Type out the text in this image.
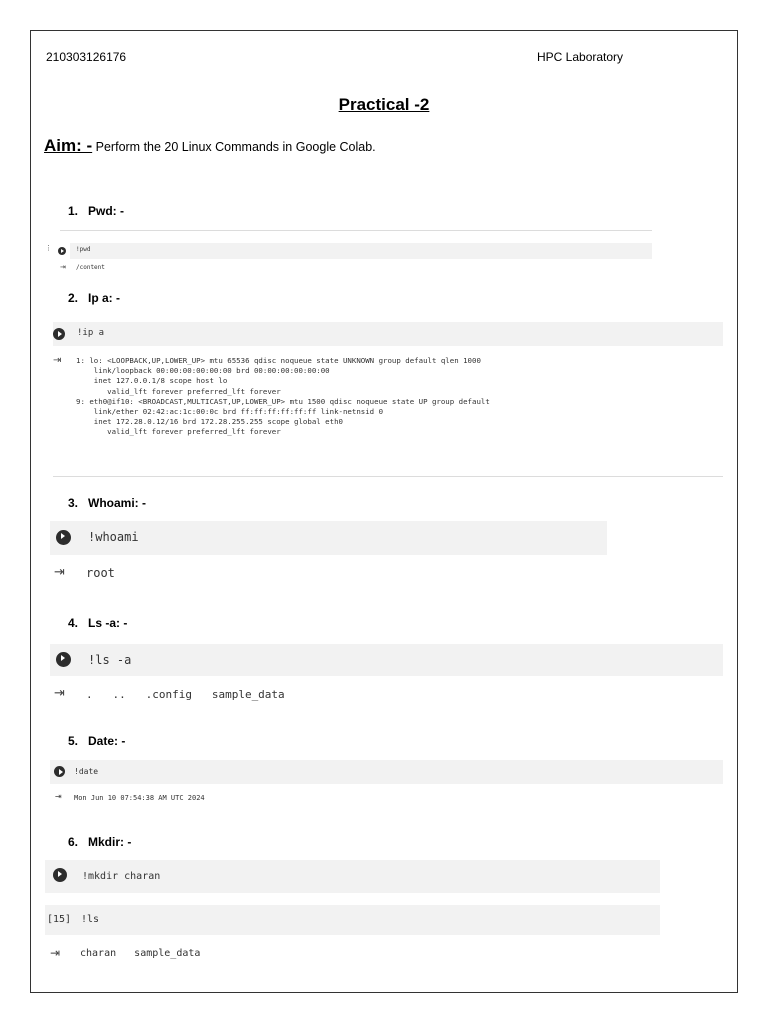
210303126176	HPC Laboratory
Practical -2
Aim: - Perform the 20 Linux Commands in Google Colab.
1. Pwd: -
⋮	!pwd
⇥ /content
2. Ip a: -
!ip a
⇥ 1: lo: <LOOPBACK,UP,LOWER_UP> mtu 65536 qdisc noqueue state UNKNOWN group default qlen 1000
link/loopback 00:00:00:00:00:00 brd 00:00:00:00:00:00
inet 127.0.0.1/8 scope host lo
valid_lft forever preferred_lft forever
9: eth0@if10: <BROADCAST,MULTICAST,UP,LOWER_UP> mtu 1500 qdisc noqueue state UP group default
link/ether 02:42:ac:1c:00:0c brd ff:ff:ff:ff:ff:ff link-netnsid 0
inet 172.28.0.12/16 brd 172.28.255.255 scope global eth0
valid_lft forever preferred_lft forever
3. Whoami: -
!whoami
⇥ root
4. Ls -a: -
!ls -a
⇥ .   ..   .config   sample_data
5. Date: -
!date
⇥ Mon Jun 10 07:54:38 AM UTC 2024
6. Mkdir: -
!mkdir charan
[15] !ls
⇥ charan   sample_data
